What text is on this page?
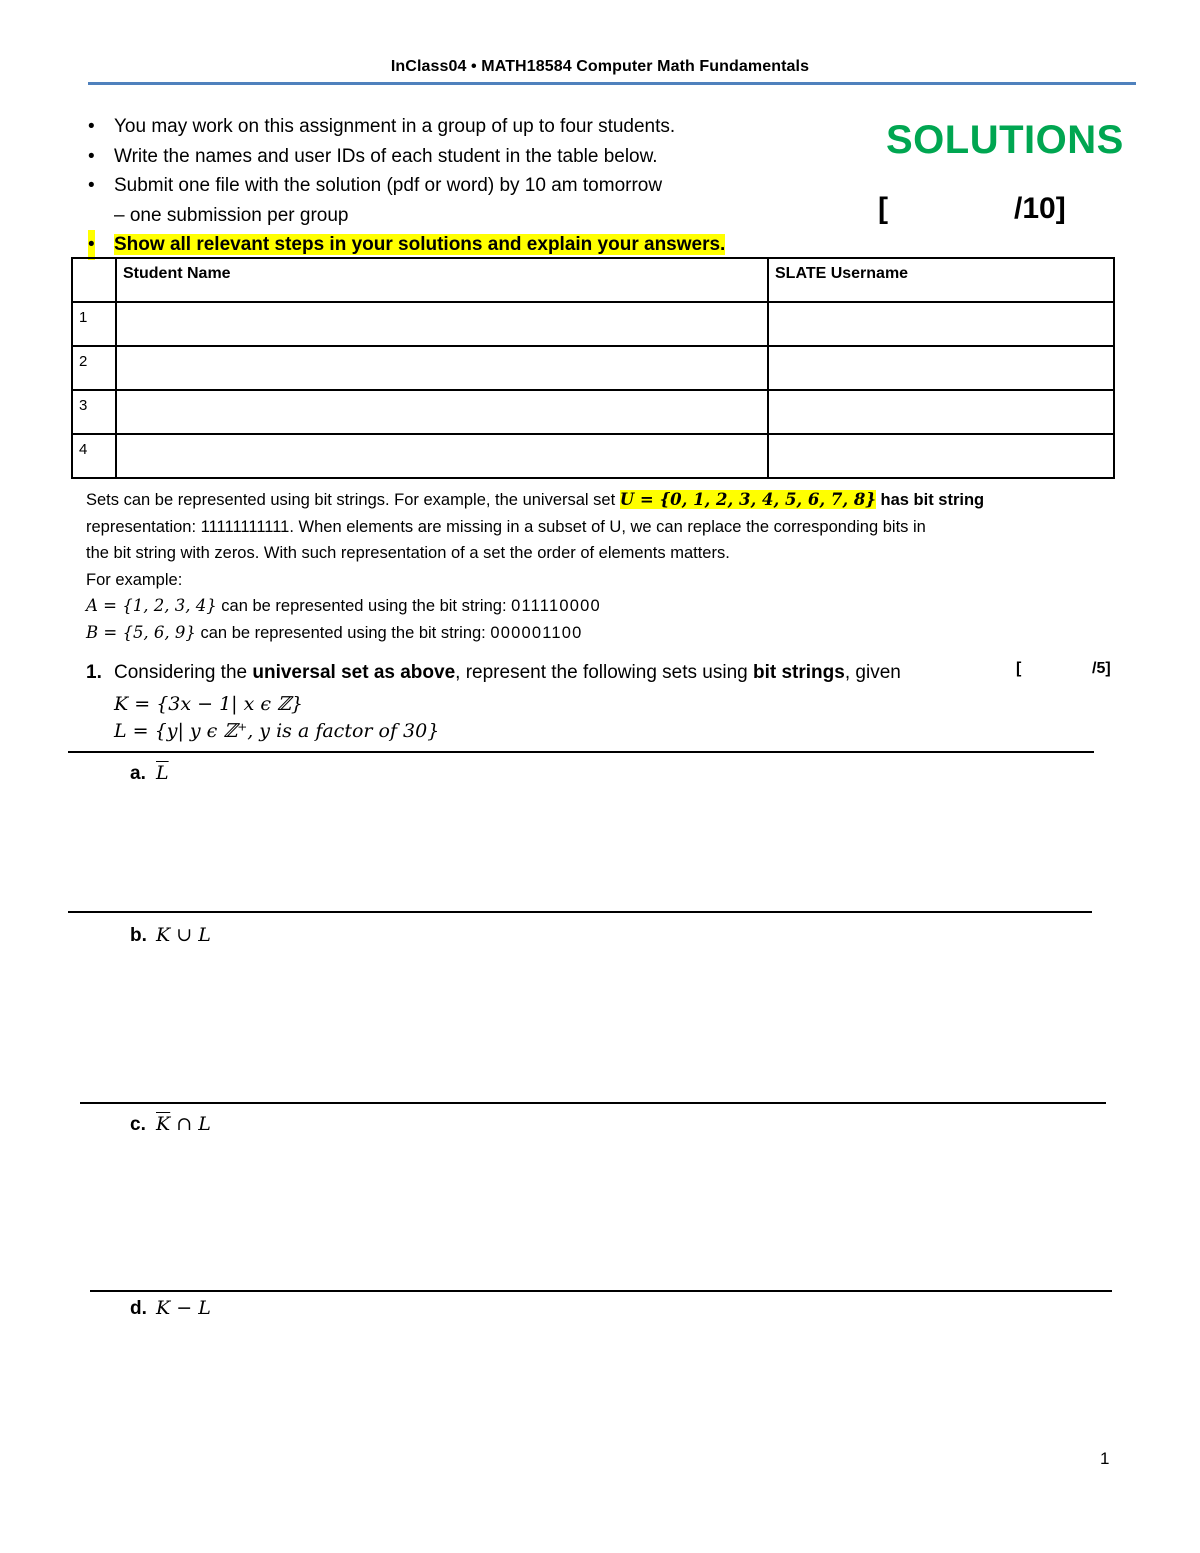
InClass04 • MATH18584 Computer Math Fundamentals
• You may work on this assignment in a group of up to four students.
• Write the names and user IDs of each student in the table below.
• Submit one file with the solution (pdf or word) by 10 am tomorrow
– one submission per group
• Show all relevant steps in your solutions and explain your answers.
SOLUTIONS
[	/10]
	Student Name	SLATE Username
1		
2		
3		
4		
Sets can be represented using bit strings. For example, the universal set U = {0, 1, 2, 3, 4, 5, 6, 7, 8} has bit string
representation: 11111111111. When elements are missing in a subset of U, we can replace the corresponding bits in
the bit string with zeros. With such representation of a set the order of elements matters.
For example:
A = {1, 2, 3, 4} can be represented using the bit string: 011110000
B = {5, 6, 9} can be represented using the bit string: 000001100
1. Considering the universal set as above, represent the following sets using bit strings, given	[	/5]
K = {3x − 1| x ϵ ℤ}
L = {y| y ϵ ℤ⁺, y is a factor of 30}
a. $\overline{L}$
b. K ∪ L
c. $\overline{K}$ ∩ L
d. K − L
1
